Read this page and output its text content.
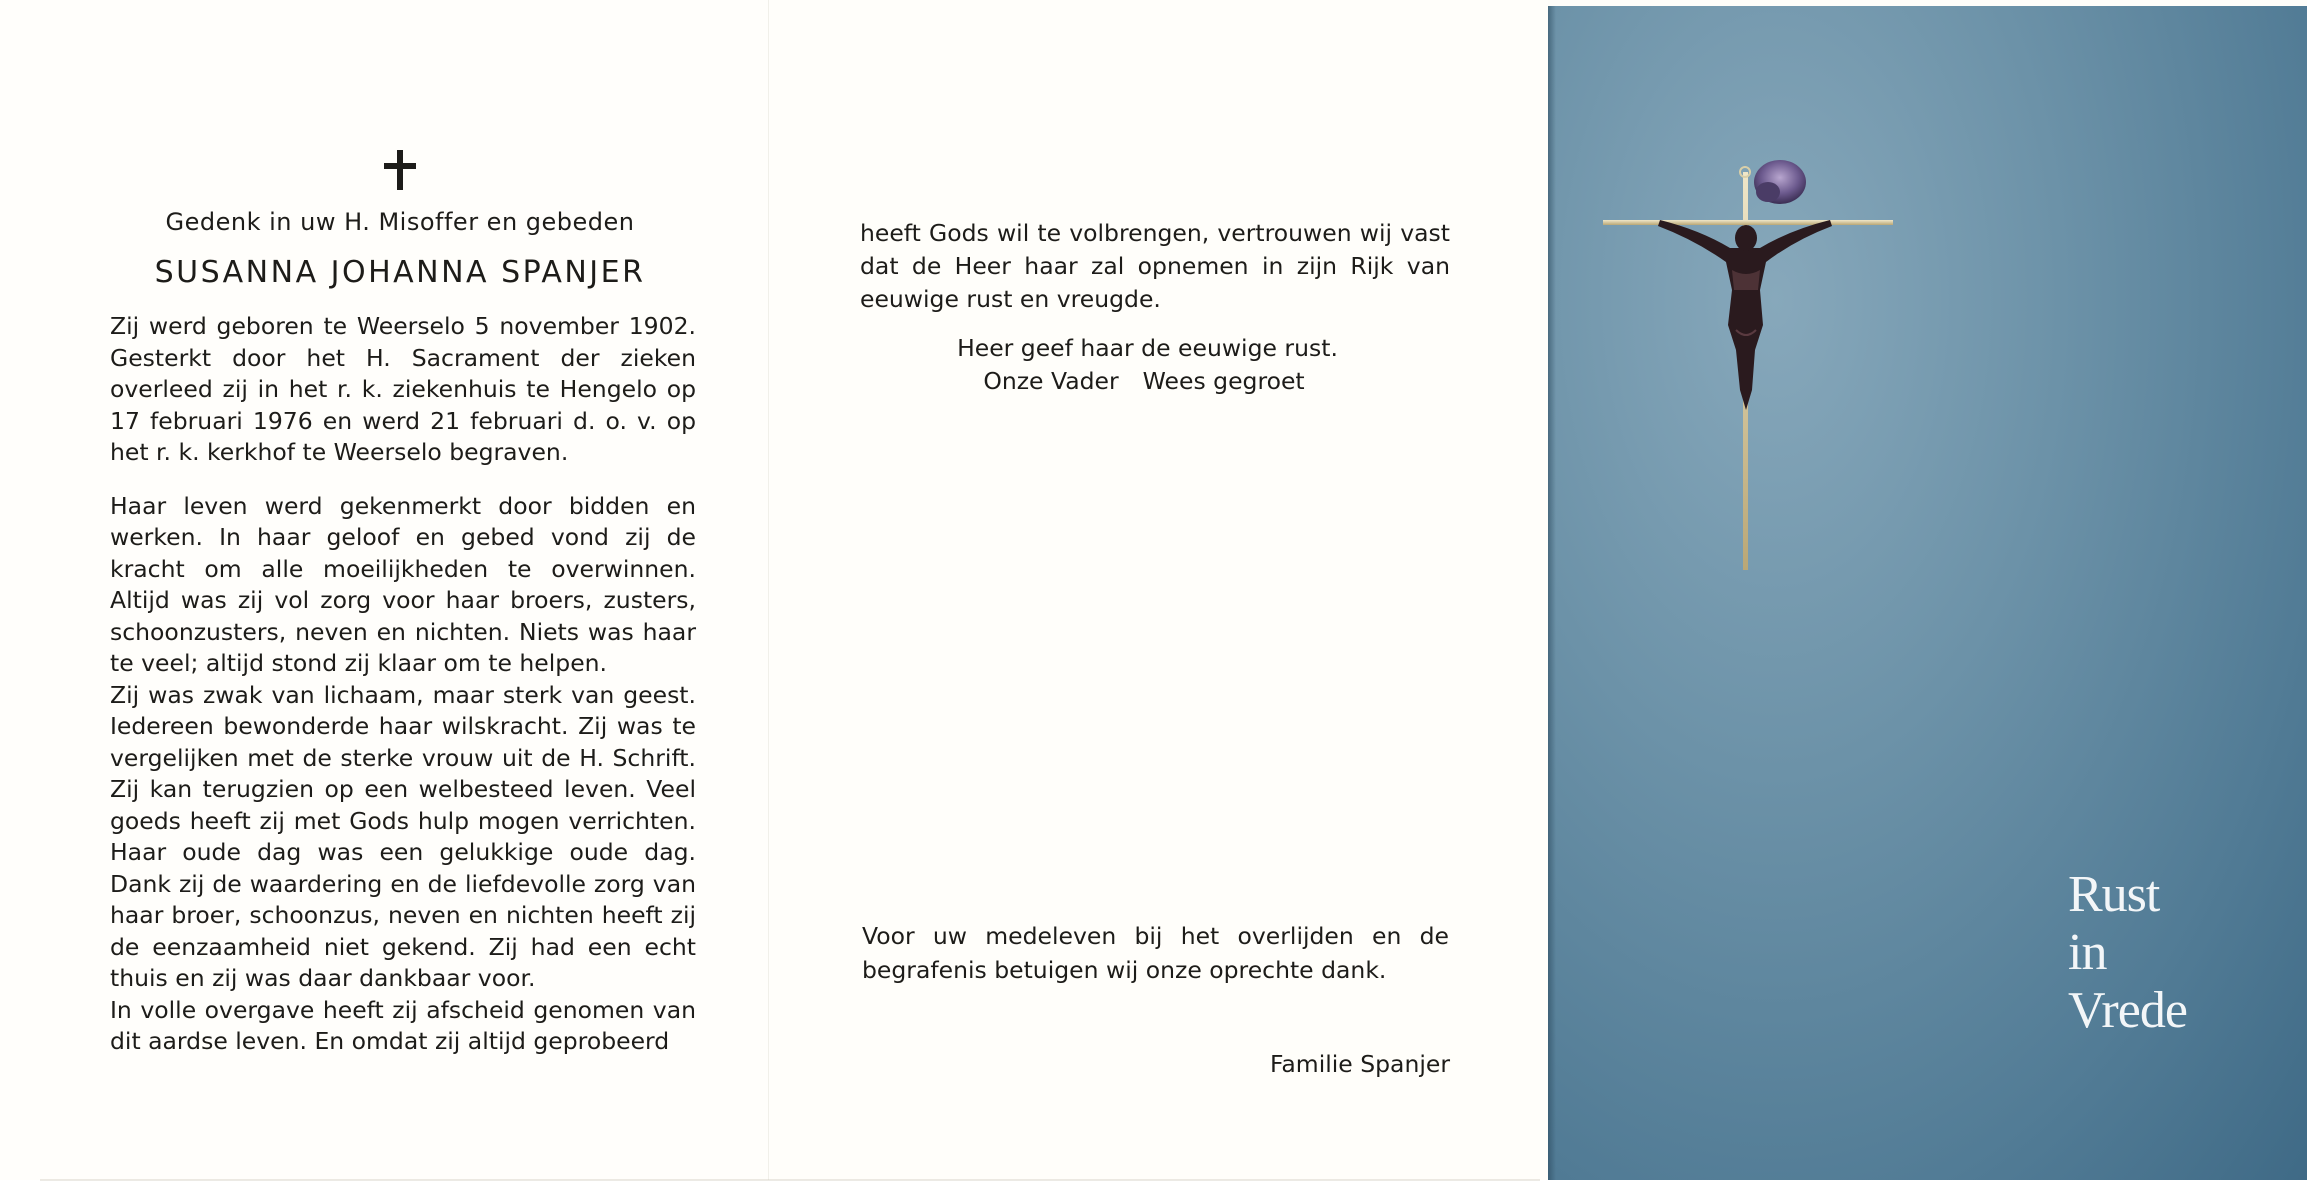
Gedenk in uw H. Misoffer en gebeden
SUSANNA JOHANNA SPANJER

Zij werd geboren te Weerselo 5 november 1902. Gesterkt door het H. Sacrament der zieken overleed zij in het r. k. ziekenhuis te Hengelo op 17 februari 1976 en werd 21 februari d. o. v. op het r. k. kerkhof te Weerselo begraven.

Haar leven werd gekenmerkt door bidden en werken. In haar geloof en gebed vond zij de kracht om alle moeilijkheden te overwinnen. Altijd was zij vol zorg voor haar broers, zusters, schoonzusters, neven en nichten. Niets was haar te veel; altijd stond zij klaar om te helpen.

Zij was zwak van lichaam, maar sterk van geest. Iedereen bewonderde haar wilskracht. Zij was te vergelijken met de sterke vrouw uit de H. Schrift. Zij kan terugzien op een welbesteed leven. Veel goeds heeft zij met Gods hulp mogen verrichten. Haar oude dag was een gelukkige oude dag. Dank zij de waardering en de liefdevolle zorg van haar broer, schoonzus, neven en nichten heeft zij de eenzaamheid niet gekend. Zij had een echt thuis en zij was daar dankbaar voor.

In volle overgave heeft zij afscheid genomen van dit aardse leven. En omdat zij altijd geprobeerd

heeft Gods wil te volbrengen, vertrouwen wij vast dat de Heer haar zal opnemen in zijn Rijk van eeuwige rust en vreugde.
Heer geef haar de eeuwige rust.
Onze Vader Wees gegroet

Voor uw medeleven bij het overlijden en de begrafenis betuigen wij onze oprechte dank.

Familie Spanjer
Rust
in
Vrede
